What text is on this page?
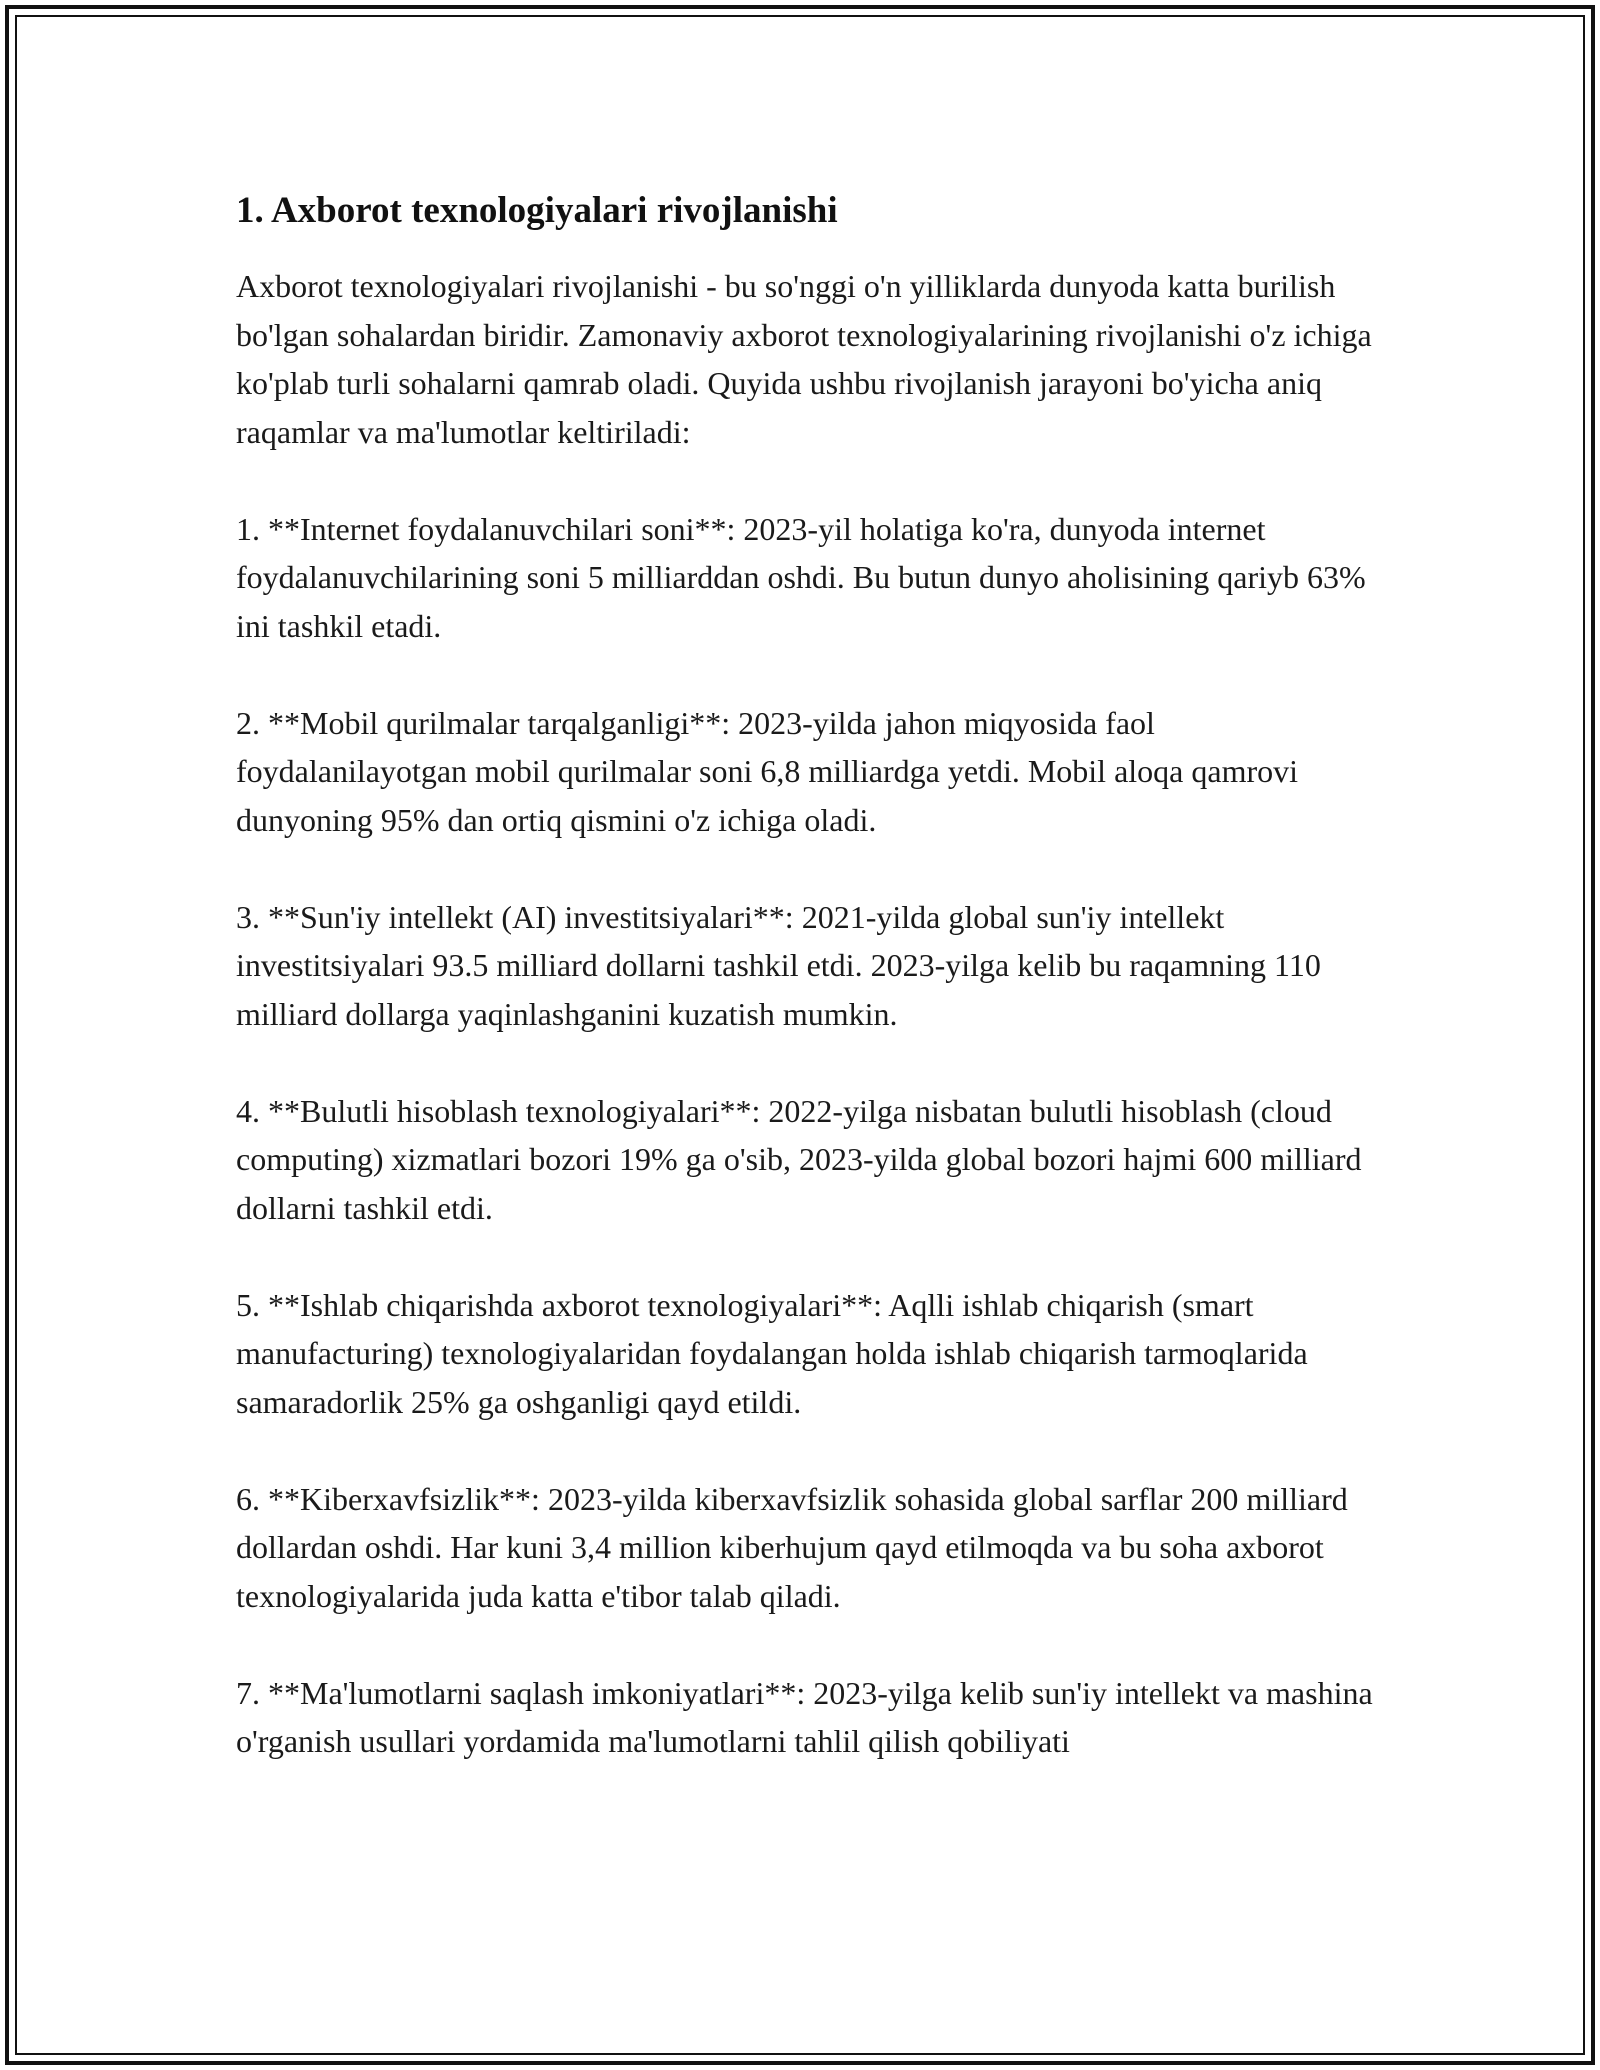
1. Axborot texnologiyalari rivojlanishi

Axborot texnologiyalari rivojlanishi - bu so'nggi o'n yilliklarda dunyoda katta burilish bo'lgan sohalardan biridir. Zamonaviy axborot texnologiyalarining rivojlanishi o'z ichiga ko'plab turli sohalarni qamrab oladi. Quyida ushbu rivojlanish jarayoni bo'yicha aniq raqamlar va ma'lumotlar keltiriladi:

1. **Internet foydalanuvchilari soni**: 2023-yil holatiga ko'ra, dunyoda internet foydalanuvchilarining soni 5 milliarddan oshdi. Bu butun dunyo aholisining qariyb 63% ini tashkil etadi.

2. **Mobil qurilmalar tarqalganligi**: 2023-yilda jahon miqyosida faol foydalanilayotgan mobil qurilmalar soni 6,8 milliardga yetdi. Mobil aloqa qamrovi dunyoning 95% dan ortiq qismini o'z ichiga oladi.

3. **Sun'iy intellekt (AI) investitsiyalari**: 2021-yilda global sun'iy intellekt investitsiyalari 93.5 milliard dollarni tashkil etdi. 2023-yilga kelib bu raqamning 110 milliard dollarga yaqinlashganini kuzatish mumkin.

4. **Bulutli hisoblash texnologiyalari**: 2022-yilga nisbatan bulutli hisoblash (cloud computing) xizmatlari bozori 19% ga o'sib, 2023-yilda global bozori hajmi 600 milliard dollarni tashkil etdi.

5. **Ishlab chiqarishda axborot texnologiyalari**: Aqlli ishlab chiqarish (smart manufacturing) texnologiyalaridan foydalangan holda ishlab chiqarish tarmoqlarida samaradorlik 25% ga oshganligi qayd etildi.

6. **Kiberxavfsizlik**: 2023-yilda kiberxavfsizlik sohasida global sarflar 200 milliard dollardan oshdi. Har kuni 3,4 million kiberhujum qayd etilmoqda va bu soha axborot texnologiyalarida juda katta e'tibor talab qiladi.

7. **Ma'lumotlarni saqlash imkoniyatlari**: 2023-yilga kelib sun'iy intellekt va mashina o'rganish usullari yordamida ma'lumotlarni tahlil qilish qobiliyati
